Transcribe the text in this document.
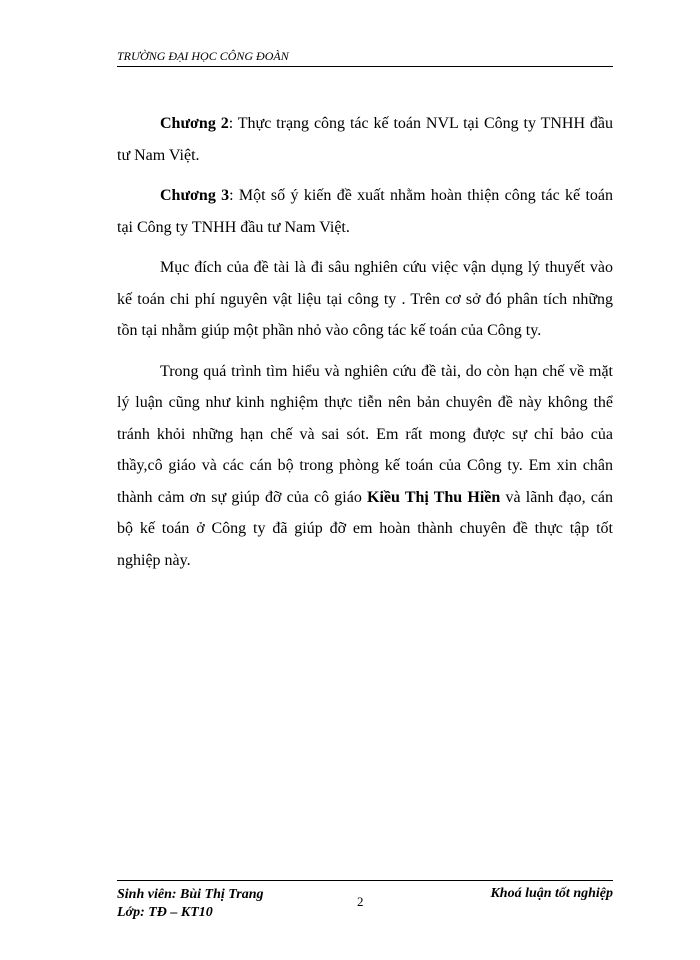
TRƯỜNG ĐẠI HỌC CÔNG ĐOÀN

Chương 2: Thực trạng công tác kế toán NVL tại Công ty TNHH đầu tư Nam Việt.

Chương 3: Một số ý kiến đề xuất nhằm hoàn thiện công tác kế toán tại Công ty TNHH đầu tư Nam Việt.

Mục đích của đề tài là đi sâu nghiên cứu việc vận dụng lý thuyết vào kế toán chi phí nguyên vật liệu tại công ty . Trên cơ sở đó phân tích những tồn tại nhằm giúp một phần nhỏ vào công tác kế toán của Công ty.

Trong quá trình tìm hiểu và nghiên cứu đề tài, do còn hạn chế về mặt lý luận cũng như kinh nghiệm thực tiễn nên bản chuyên đề này không thể tránh khỏi những hạn chế và sai sót. Em rất mong được sự chỉ bảo của thầy,cô giáo và các cán bộ trong phòng kế toán của Công ty. Em xin chân thành cảm ơn sự giúp đỡ của cô giáo Kiều Thị Thu Hiền và lãnh đạo, cán bộ kế toán ở Công ty đã giúp đỡ em hoàn thành chuyên đề thực tập tốt nghiệp này.

Sinh viên: Bùi Thị Trang
Lớp: TĐ – KT10
2
Khoá luận tốt nghiệp
